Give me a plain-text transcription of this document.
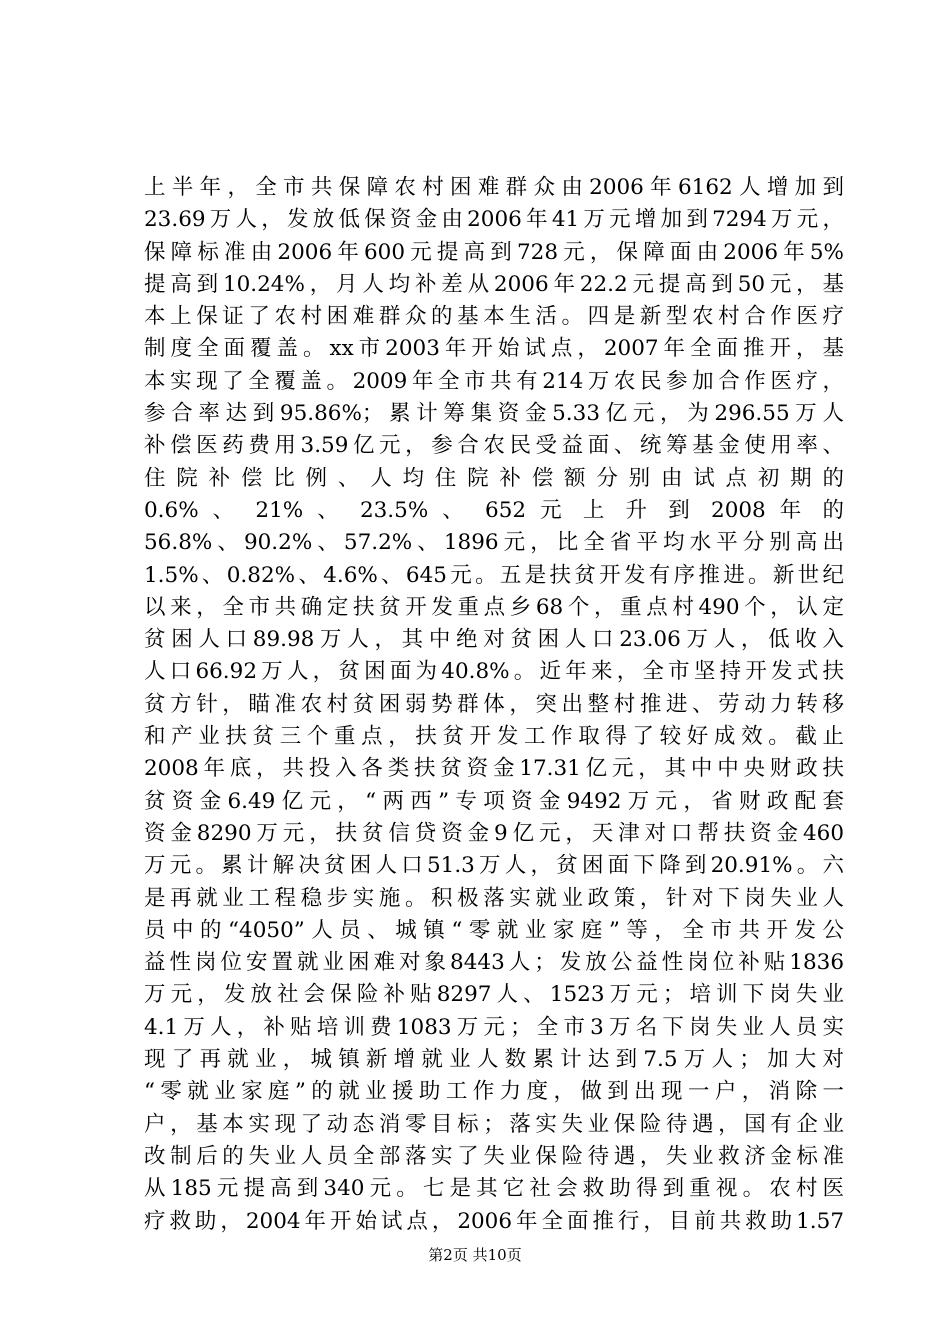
上半年，全市共保障农村困难群众由2006年6162人增加到
23.69万人，发放低保资金由2006年41万元增加到7294万元，
保障标准由2006年600元提高到728元，保障面由2006年5%
提高到10.24%，月人均补差从2006年22.2元提高到50元，基
本上保证了农村困难群众的基本生活。四是新型农村合作医疗
制度全面覆盖。xx市2003年开始试点，2007年全面推开，基
本实现了全覆盖。2009年全市共有214万农民参加合作医疗，
参合率达到95.86%；累计筹集资金5.33亿元，为296.55万人
补偿医药费用3.59亿元，参合农民受益面、统筹基金使用率、
住院补偿比例、人均住院补偿额分别由试点初期的
0.6% 、 21% 、 23.5% 、 652 元 上 升 到 2008 年 的
56.8%、90.2%、57.2%、1896元，比全省平均水平分别高出
1.5%、0.82%、4.6%、645元。五是扶贫开发有序推进。新世纪
以来，全市共确定扶贫开发重点乡68个，重点村490个，认定
贫困人口89.98万人，其中绝对贫困人口23.06万人，低收入
人口66.92万人，贫困面为40.8%。近年来，全市坚持开发式扶
贫方针，瞄准农村贫困弱势群体，突出整村推进、劳动力转移
和产业扶贫三个重点，扶贫开发工作取得了较好成效。截止
2008年底，共投入各类扶贫资金17.31亿元，其中中央财政扶
贫资金6.49亿元，“两西”专项资金9492万元，省财政配套
资金8290万元，扶贫信贷资金9亿元，天津对口帮扶资金460
万元。累计解决贫困人口51.3万人，贫困面下降到20.91%。六
是再就业工程稳步实施。积极落实就业政策，针对下岗失业人
员中的“4050”人员、城镇“零就业家庭”等，全市共开发公
益性岗位安置就业困难对象8443人；发放公益性岗位补贴1836
万元，发放社会保险补贴8297人、1523万元；培训下岗失业
4.1万人，补贴培训费1083万元；全市3万名下岗失业人员实
现了再就业，城镇新增就业人数累计达到7.5万人；加大对
“零就业家庭”的就业援助工作力度，做到出现一户，消除一
户，基本实现了动态消零目标；落实失业保险待遇，国有企业
改制后的失业人员全部落实了失业保险待遇，失业救济金标准
从185元提高到340元。七是其它社会救助得到重视。农村医
疗救助，2004年开始试点，2006年全面推行，目前共救助1.57
第2页 共10页
